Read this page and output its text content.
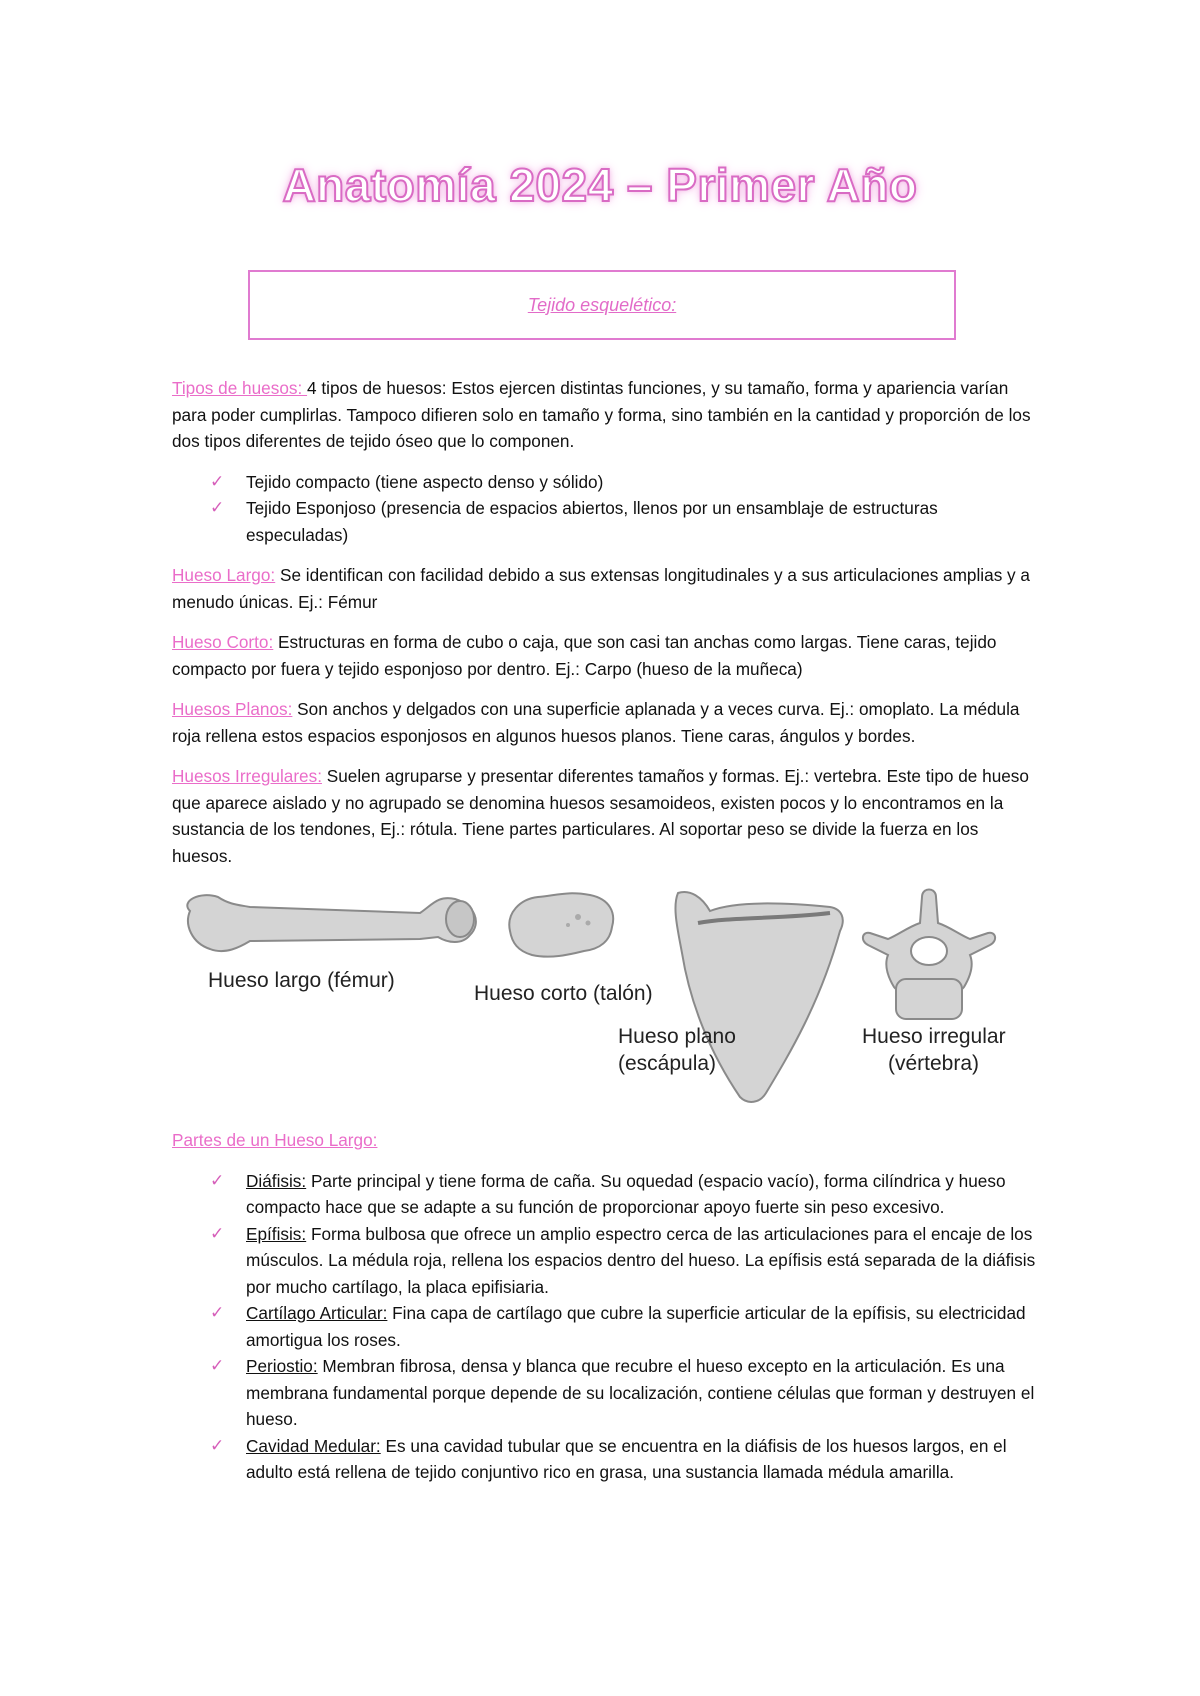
Anatomía 2024 – Primer Año
Tejido esquelético:

Tipos de huesos: 4 tipos de huesos: Estos ejercen distintas funciones, y su tamaño, forma y apariencia varían para poder cumplirlas. Tampoco difieren solo en tamaño y forma, sino también en la cantidad y proporción de los dos tipos diferentes de tejido óseo que lo componen.

✓ Tejido compacto (tiene aspecto denso y sólido)
✓ Tejido Esponjoso (presencia de espacios abiertos, llenos por un ensamblaje de estructuras especuladas)

Hueso Largo: Se identifican con facilidad debido a sus extensas longitudinales y a sus articulaciones amplias y a menudo únicas. Ej.: Fémur

Hueso Corto: Estructuras en forma de cubo o caja, que son casi tan anchas como largas. Tiene caras, tejido compacto por fuera y tejido esponjoso por dentro. Ej.: Carpo (hueso de la muñeca)

Huesos Planos: Son anchos y delgados con una superficie aplanada y a veces curva. Ej.: omoplato. La médula roja rellena estos espacios esponjosos en algunos huesos planos. Tiene caras, ángulos y bordes.

Huesos Irregulares: Suelen agruparse y presentar diferentes tamaños y formas. Ej.: vertebra. Este tipo de hueso que aparece aislado y no agrupado se denomina huesos sesamoideos, existen pocos y lo encontramos en la sustancia de los tendones, Ej.: rótula. Tiene partes particulares. Al soportar peso se divide la fuerza en los huesos.

Hueso largo (fémur)
Hueso corto (talón)
Hueso plano
(escápula)
Hueso irregular
(vértebra)

Partes de un Hueso Largo:

✓ Diáfisis: Parte principal y tiene forma de caña. Su oquedad (espacio vacío), forma cilíndrica y hueso compacto hace que se adapte a su función de proporcionar apoyo fuerte sin peso excesivo.
✓ Epífisis: Forma bulbosa que ofrece un amplio espectro cerca de las articulaciones para el encaje de los músculos. La médula roja, rellena los espacios dentro del hueso. La epífisis está separada de la diáfisis por mucho cartílago, la placa epifisiaria.
✓ Cartílago Articular: Fina capa de cartílago que cubre la superficie articular de la epífisis, su electricidad amortigua los roses.
✓ Periostio: Membran fibrosa, densa y blanca que recubre el hueso excepto en la articulación. Es una membrana fundamental porque depende de su localización, contiene células que forman y destruyen el hueso.
✓ Cavidad Medular: Es una cavidad tubular que se encuentra en la diáfisis de los huesos largos, en el adulto está rellena de tejido conjuntivo rico en grasa, una sustancia llamada médula amarilla.
